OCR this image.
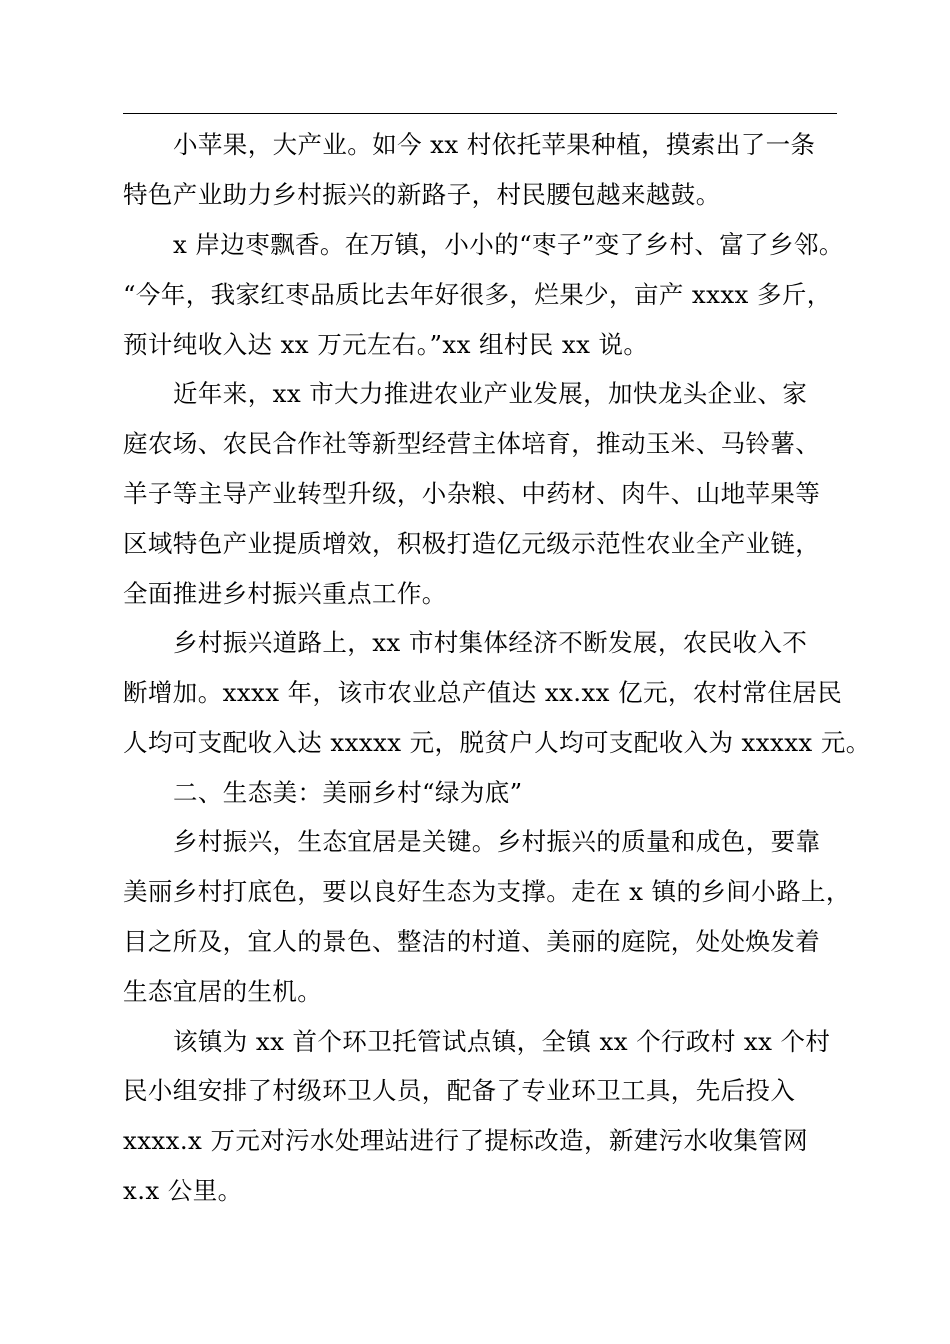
小苹果，大产业。如今 xx 村依托苹果种植，摸索出了一条
特色产业助力乡村振兴的新路子，村民腰包越来越鼓。
x 岸边枣飘香。在万镇，小小的“枣子”变了乡村、富了乡邻。
“今年，我家红枣品质比去年好很多，烂果少，亩产 xxxx 多斤，
预计纯收入达 xx 万元左右。”xx 组村民 xx 说。
近年来，xx 市大力推进农业产业发展，加快龙头企业、家
庭农场、农民合作社等新型经营主体培育，推动玉米、马铃薯、
羊子等主导产业转型升级，小杂粮、中药材、肉牛、山地苹果等
区域特色产业提质增效，积极打造亿元级示范性农业全产业链，
全面推进乡村振兴重点工作。
乡村振兴道路上，xx 市村集体经济不断发展，农民收入不
断增加。xxxx 年，该市农业总产值达 xx.xx 亿元，农村常住居民
人均可支配收入达 xxxxx 元，脱贫户人均可支配收入为 xxxxx 元。
二、生态美：美丽乡村“绿为底”
乡村振兴，生态宜居是关键。乡村振兴的质量和成色，要靠
美丽乡村打底色，要以良好生态为支撑。走在 x 镇的乡间小路上，
目之所及，宜人的景色、整洁的村道、美丽的庭院，处处焕发着
生态宜居的生机。
该镇为 xx 首个环卫托管试点镇，全镇 xx 个行政村 xx 个村
民小组安排了村级环卫人员，配备了专业环卫工具，先后投入
xxxx.x 万元对污水处理站进行了提标改造，新建污水收集管网
x.x 公里。
